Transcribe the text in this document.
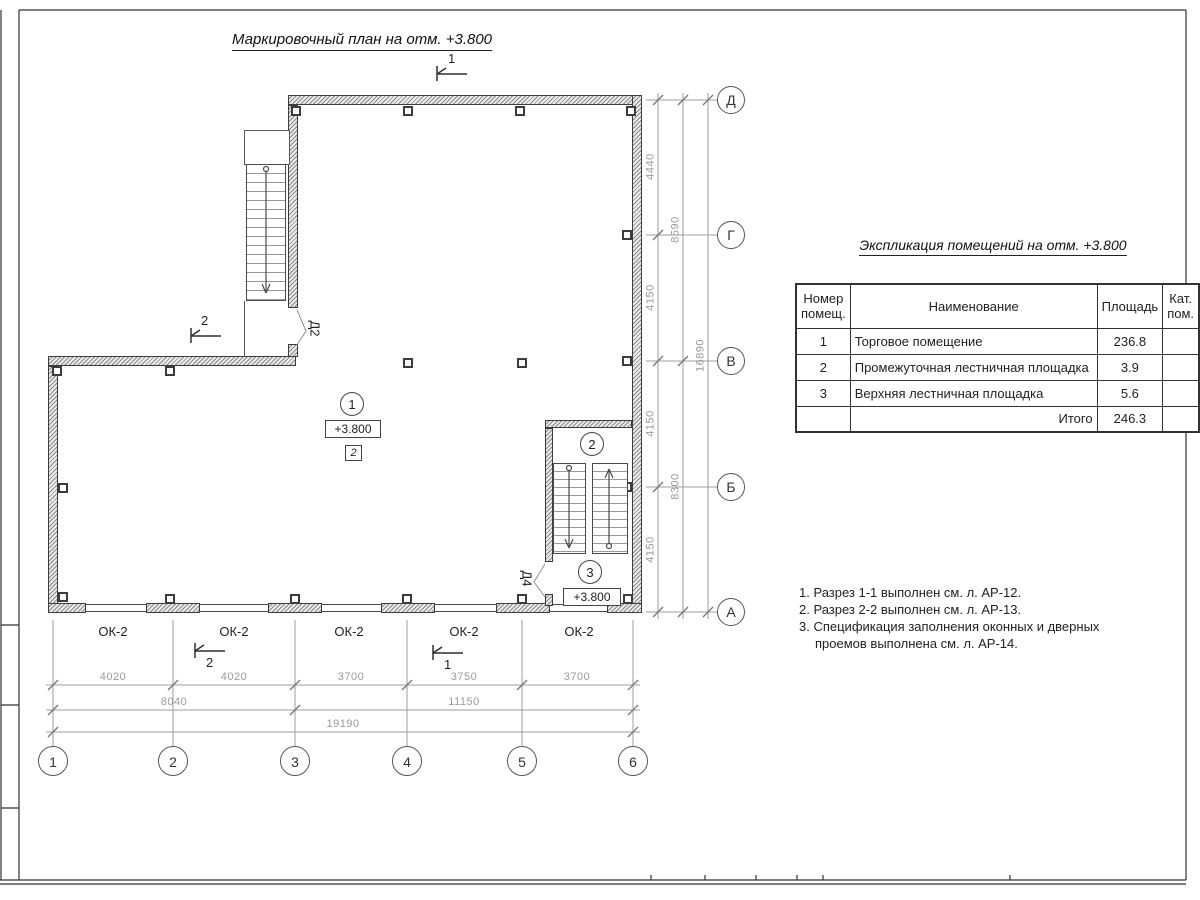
Маркировочный план на отм. +3.800
Экспликация помещений на отм. +3.800
1
+3.800
2
2
3
+3.800
Д2
Д4
1
2
1
2
ОК-2	ОК-2	ОК-2	ОК-2	ОК-2
4440
4150
4150
4150
8590
8300
16890
4020	4020	3700	3750	3700
8040	11150
19190
1	2	3	4	5	6
Д
Г
В
Б
А
Номер помещ.	Наименование	Площадь	Кат. пом.
1	Торговое помещение	236.8	
2	Промежуточная лестничная площадка	3.9	
3	Верхняя лестничная площадка	5.6	
	Итого	246.3	
1. Разрез 1-1 выполнен см. л. АР-12.
2. Разрез 2-2 выполнен см. л. АР-13.
3. Спецификация заполнения оконных и дверных проемов выполнена см. л. АР-14.
